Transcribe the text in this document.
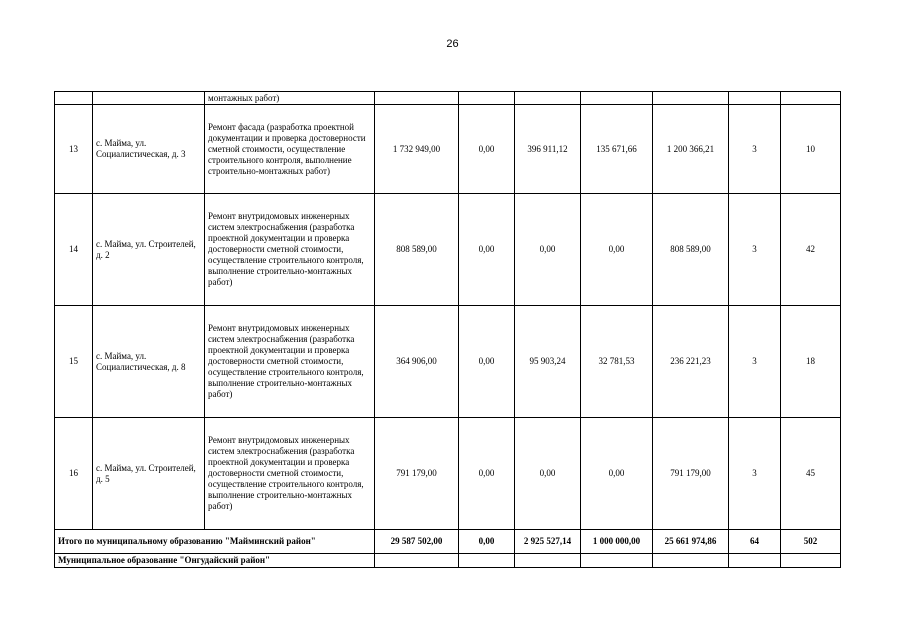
26
		монтажных работ)							
13	с. Майма, ул. Социалистическая, д. 3	Ремонт фасада (разработка проектной документации и проверка достоверности сметной стоимости, осуществление строительного контроля, выполнение строительно-монтажных работ)	1 732 949,00	0,00	396 911,12	135 671,66	1 200 366,21	3	10
14	с. Майма, ул. Строителей, д. 2	Ремонт внутридомовых инженерных систем электроснабжения (разработка проектной документации и проверка достоверности сметной стоимости, осуществление строительного контроля, выполнение строительно-монтажных работ)	808 589,00	0,00	0,00	0,00	808 589,00	3	42
15	с. Майма, ул. Социалистическая, д. 8	Ремонт внутридомовых инженерных систем электроснабжения (разработка проектной документации и проверка достоверности сметной стоимости, осуществление строительного контроля, выполнение строительно-монтажных работ)	364 906,00	0,00	95 903,24	32 781,53	236 221,23	3	18
16	с. Майма, ул. Строителей, д. 5	Ремонт внутридомовых инженерных систем электроснабжения (разработка проектной документации и проверка достоверности сметной стоимости, осуществление строительного контроля, выполнение строительно-монтажных работ)	791 179,00	0,00	0,00	0,00	791 179,00	3	45
Итого по муниципальному образованию "Майминский район"			29 587 502,00	0,00	2 925 527,14	1 000 000,00	25 661 974,86	64	502
Муниципальное образование "Онгудайский район"									
